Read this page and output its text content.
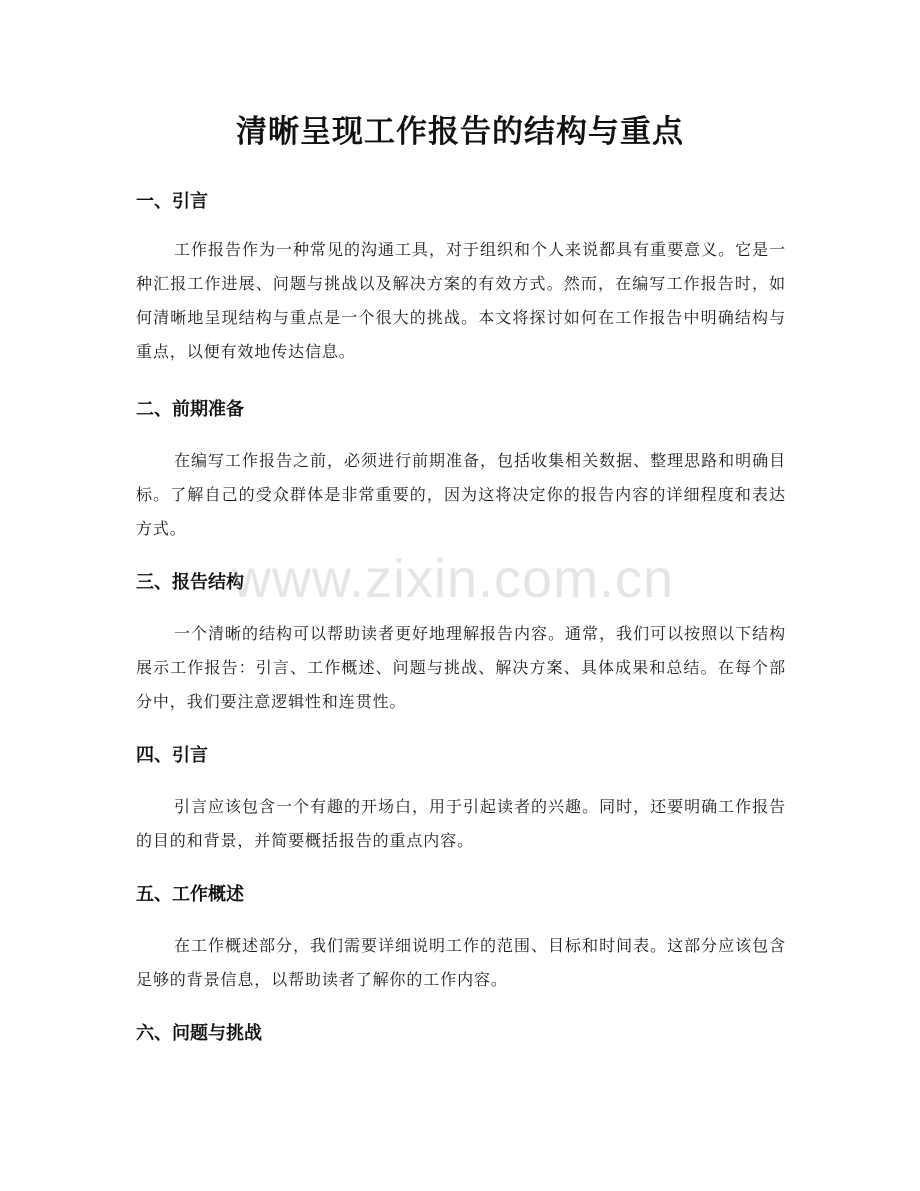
清晰呈现工作报告的结构与重点
一、引言

工作报告作为一种常见的沟通工具，对于组织和个人来说都具有重要意义。它是一种汇报工作进展、问题与挑战以及解决方案的有效方式。然而，在编写工作报告时，如何清晰地呈现结构与重点是一个很大的挑战。本文将探讨如何在工作报告中明确结构与重点，以便有效地传达信息。

二、前期准备

在编写工作报告之前，必须进行前期准备，包括收集相关数据、整理思路和明确目标。了解自己的受众群体是非常重要的，因为这将决定你的报告内容的详细程度和表达方式。

三、报告结构

一个清晰的结构可以帮助读者更好地理解报告内容。通常，我们可以按照以下结构展示工作报告：引言、工作概述、问题与挑战、解决方案、具体成果和总结。在每个部分中，我们要注意逻辑性和连贯性。

四、引言

引言应该包含一个有趣的开场白，用于引起读者的兴趣。同时，还要明确工作报告的目的和背景，并简要概括报告的重点内容。

五、工作概述

在工作概述部分，我们需要详细说明工作的范围、目标和时间表。这部分应该包含足够的背景信息，以帮助读者了解你的工作内容。

六、问题与挑战
www.zixin.com.cn
